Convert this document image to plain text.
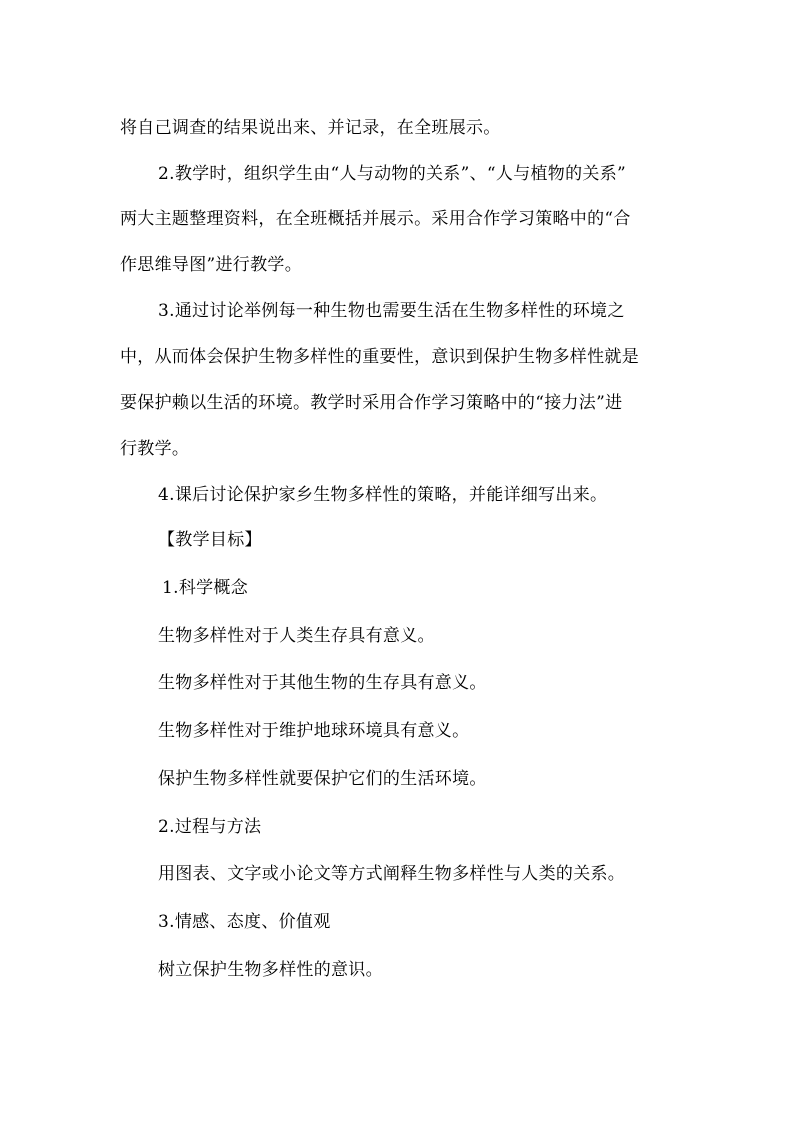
将自己调查的结果说出来、并记录，在全班展示。
2.教学时，组织学生由“人与动物的关系”、“人与植物的关系”
两大主题整理资料，在全班概括并展示。采用合作学习策略中的“合
作思维导图”进行教学。
3.通过讨论举例每一种生物也需要生活在生物多样性的环境之
中，从而体会保护生物多样性的重要性，意识到保护生物多样性就是
要保护赖以生活的环境。教学时采用合作学习策略中的“接力法”进
行教学。
4.课后讨论保护家乡生物多样性的策略，并能详细写出来。
【教学目标】
1.科学概念
生物多样性对于人类生存具有意义。
生物多样性对于其他生物的生存具有意义。
生物多样性对于维护地球环境具有意义。
保护生物多样性就要保护它们的生活环境。
2.过程与方法
用图表、文字或小论文等方式阐释生物多样性与人类的关系。
3.情感、态度、价值观
树立保护生物多样性的意识。
